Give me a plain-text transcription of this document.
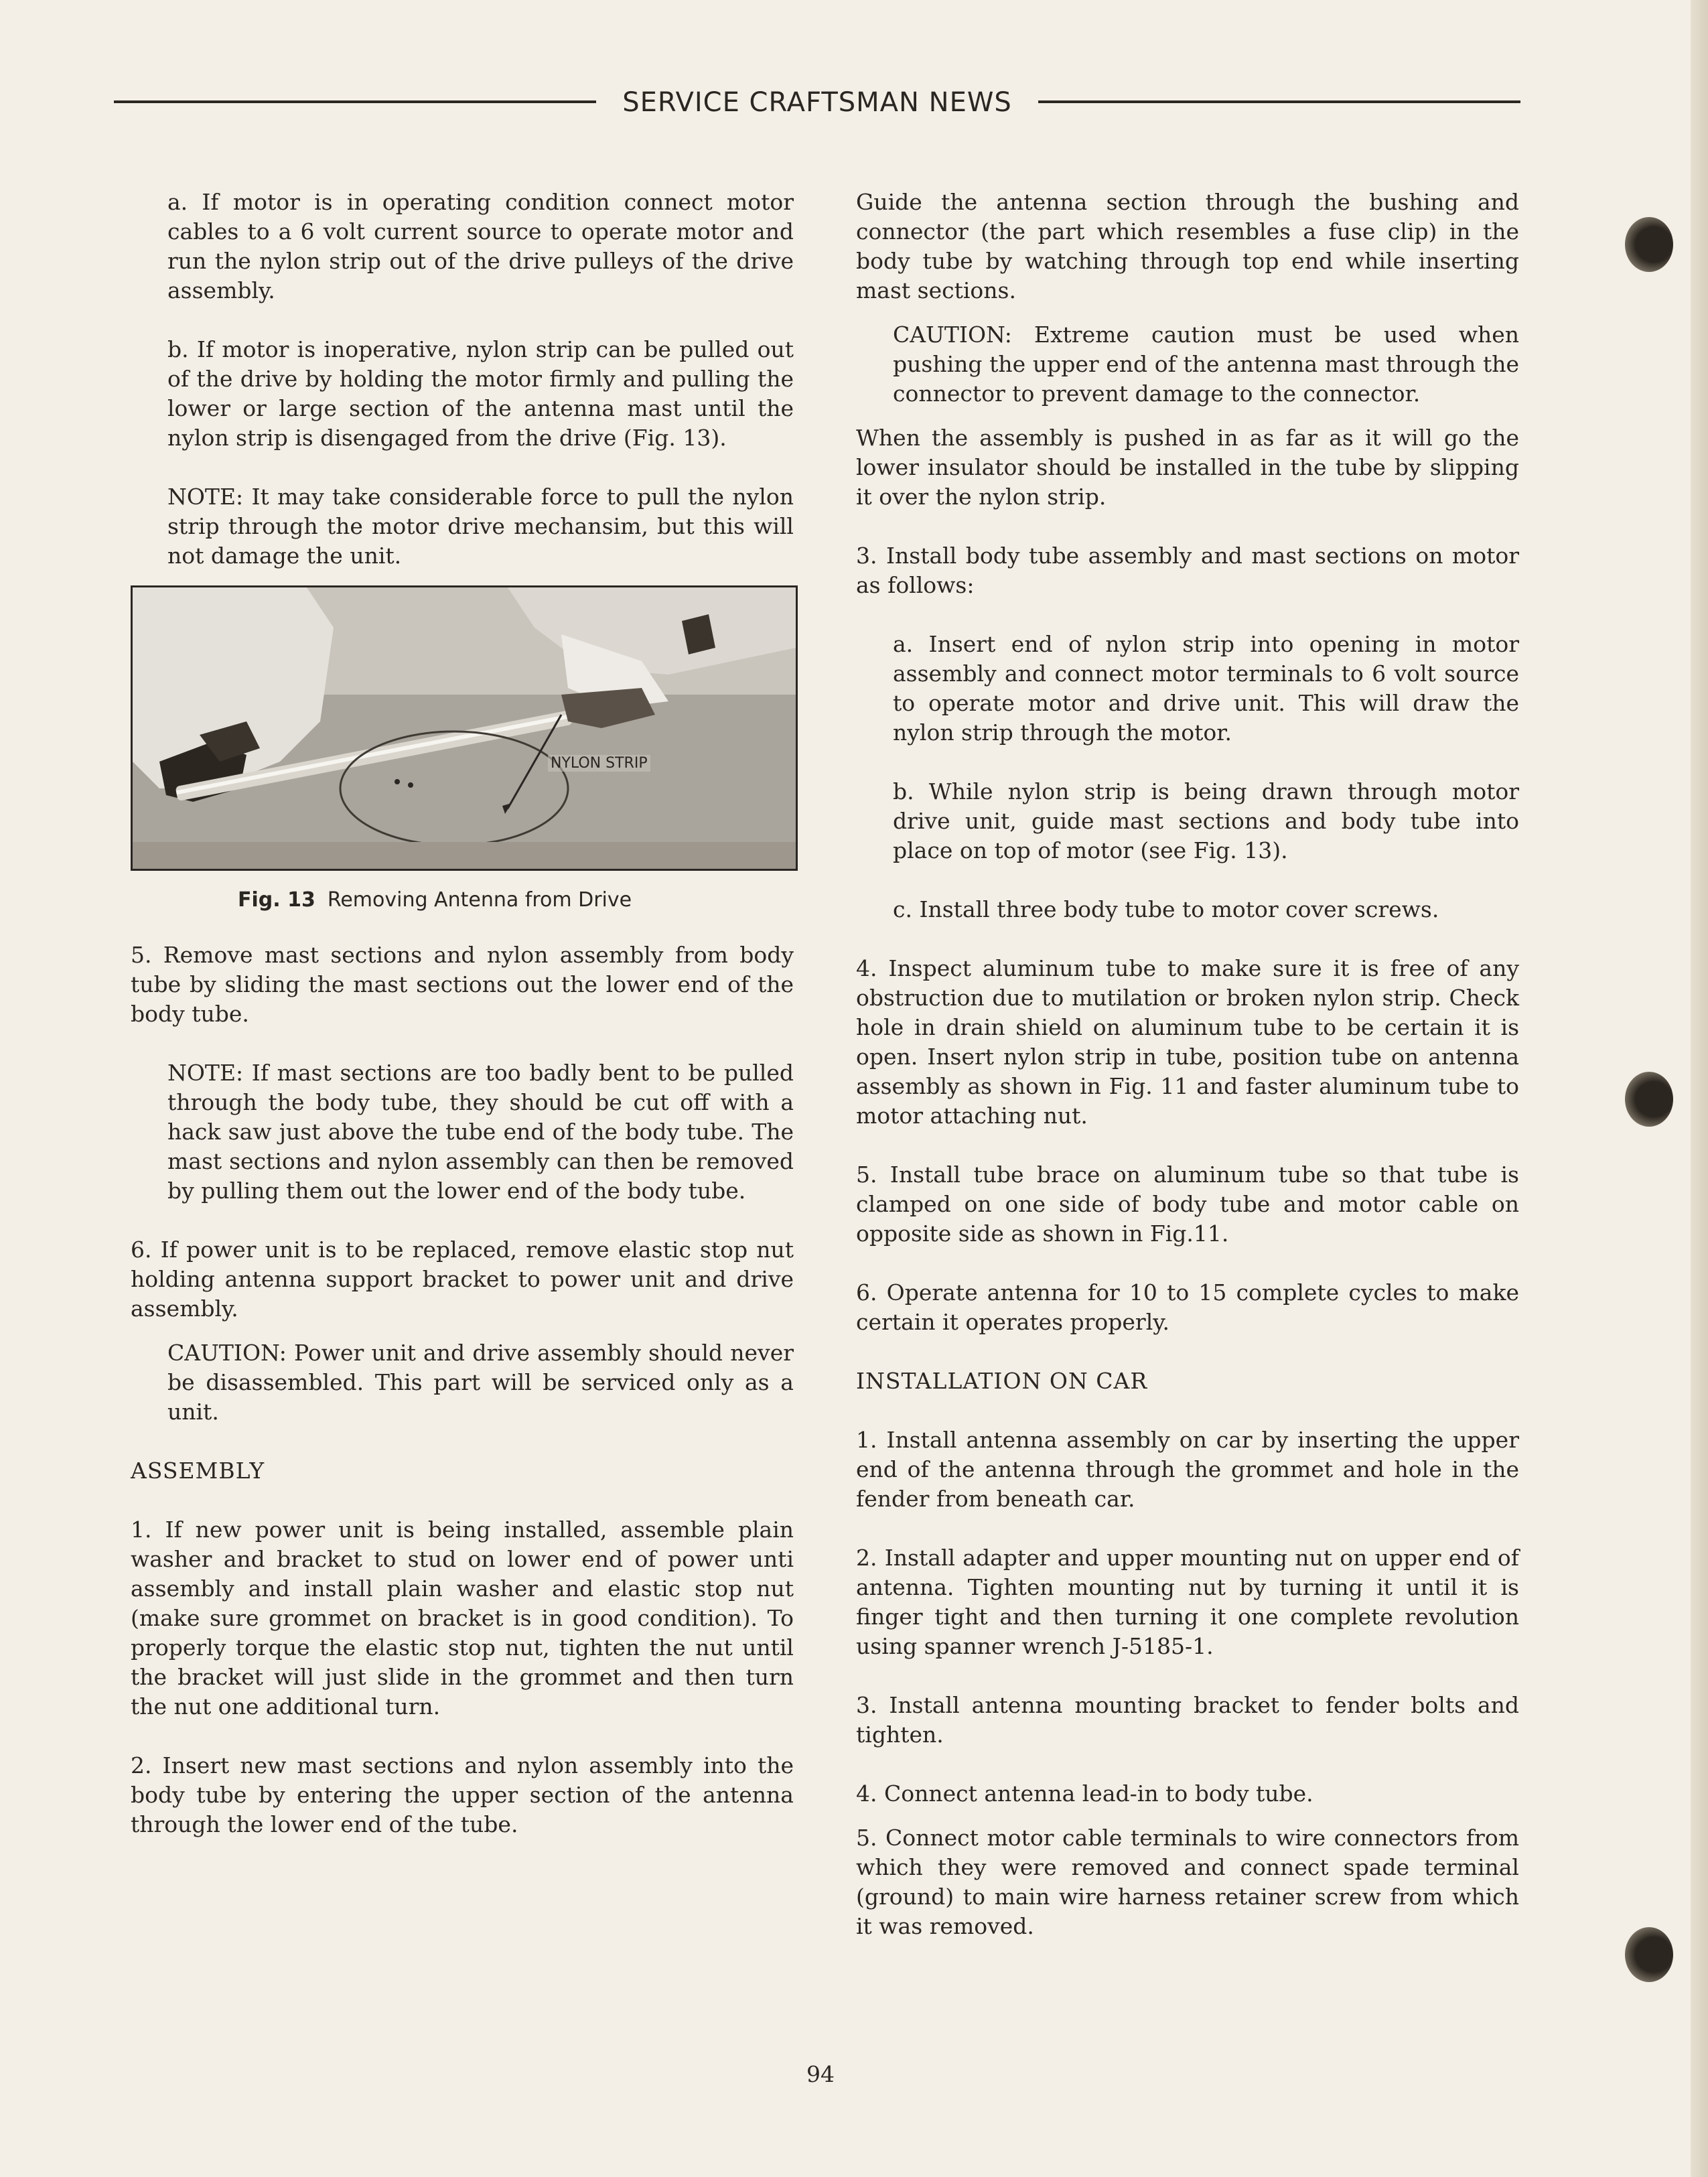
SERVICE CRAFTSMAN NEWS

a. If motor is in operating condition connect motor cables to a 6 volt current source to operate motor and run the nylon strip out of the drive pulleys of the drive assembly.

b. If motor is inoperative, nylon strip can be pulled out of the drive by holding the motor firmly and pulling the lower or large section of the antenna mast until the nylon strip is disengaged from the drive (Fig. 13).

NOTE: It may take considerable force to pull the nylon strip through the motor drive mechansim, but this will not damage the unit.

NYLON STRIP

Fig. 13 Removing Antenna from Drive

5. Remove mast sections and nylon assembly from body tube by sliding the mast sections out the lower end of the body tube.

NOTE: If mast sections are too badly bent to be pulled through the body tube, they should be cut off with a hack saw just above the tube end of the body tube. The mast sections and nylon assembly can then be removed by pulling them out the lower end of the body tube.

6. If power unit is to be replaced, remove elastic stop nut holding antenna support bracket to power unit and drive assembly.

CAUTION: Power unit and drive assembly should never be disassembled. This part will be serviced only as a unit.

ASSEMBLY

1. If new power unit is being installed, assemble plain washer and bracket to stud on lower end of power unti assembly and install plain washer and elastic stop nut (make sure grommet on bracket is in good condition). To properly torque the elastic stop nut, tighten the nut until the bracket will just slide in the grommet and then turn the nut one additional turn.

2. Insert new mast sections and nylon assembly into the body tube by entering the upper section of the antenna through the lower end of the tube.

Guide the antenna section through the bushing and connector (the part which resembles a fuse clip) in the body tube by watching through top end while inserting mast sections.

CAUTION: Extreme caution must be used when pushing the upper end of the antenna mast through the connector to prevent damage to the connector.

When the assembly is pushed in as far as it will go the lower insulator should be installed in the tube by slipping it over the nylon strip.

3. Install body tube assembly and mast sections on motor as follows:

a. Insert end of nylon strip into opening in motor assembly and connect motor terminals to 6 volt source to operate motor and drive unit. This will draw the nylon strip through the motor.

b. While nylon strip is being drawn through motor drive unit, guide mast sections and body tube into place on top of motor (see Fig. 13).

c. Install three body tube to motor cover screws.

4. Inspect aluminum tube to make sure it is free of any obstruction due to mutilation or broken nylon strip. Check hole in drain shield on aluminum tube to be certain it is open. Insert nylon strip in tube, position tube on antenna assembly as shown in Fig. 11 and faster aluminum tube to motor attaching nut.

5. Install tube brace on aluminum tube so that tube is clamped on one side of body tube and motor cable on opposite side as shown in Fig.11.

6. Operate antenna for 10 to 15 complete cycles to make certain it operates properly.

INSTALLATION ON CAR

1. Install antenna assembly on car by inserting the upper end of the antenna through the grommet and hole in the fender from beneath car.

2. Install adapter and upper mounting nut on upper end of antenna. Tighten mounting nut by turning it until it is finger tight and then turning it one complete revolution using spanner wrench J-5185-1.

3. Install antenna mounting bracket to fender bolts and tighten.

4. Connect antenna lead-in to body tube.

5. Connect motor cable terminals to wire connectors from which they were removed and connect spade terminal (ground) to main wire harness retainer screw from which it was removed.

94
